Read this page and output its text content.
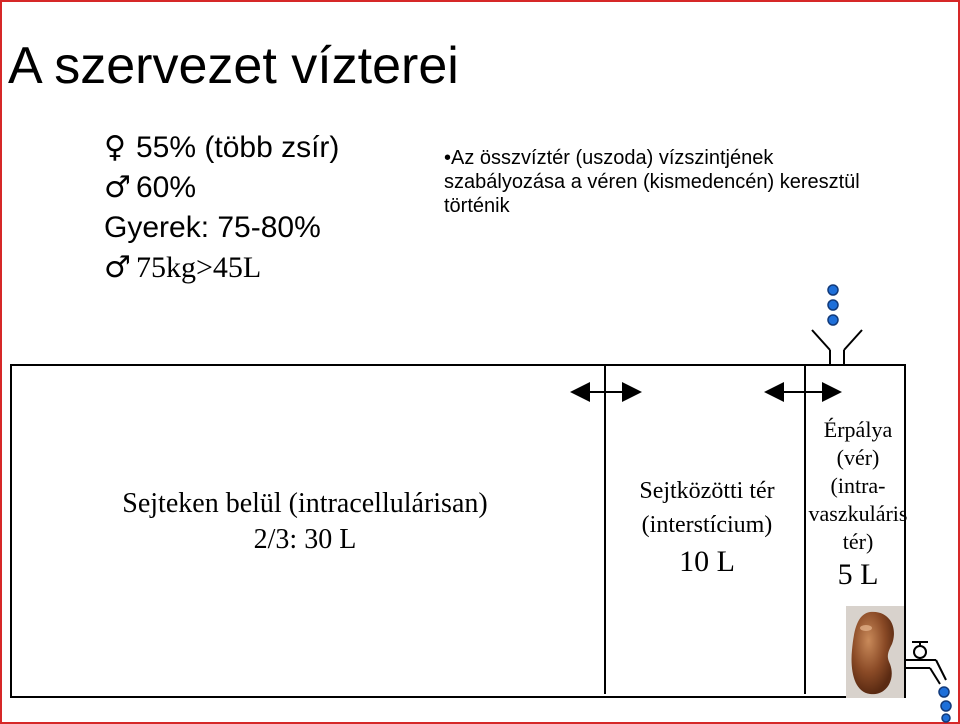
A szervezet vízterei
♀ 55% (több zsír)
♂ 60%
Gyerek: 75-80%
♂ 75kg>45L
•Az összvíztér (uszoda) vízszintjének szabályozása a véren (kismedencén) keresztül történik
Sejteken belül (intracellulárisan)
2/3: 30 L
Sejtközötti tér
(interstícium)
10 L
Érpálya
(vér)
(intra-
vaszkuláris
tér)
5 L
